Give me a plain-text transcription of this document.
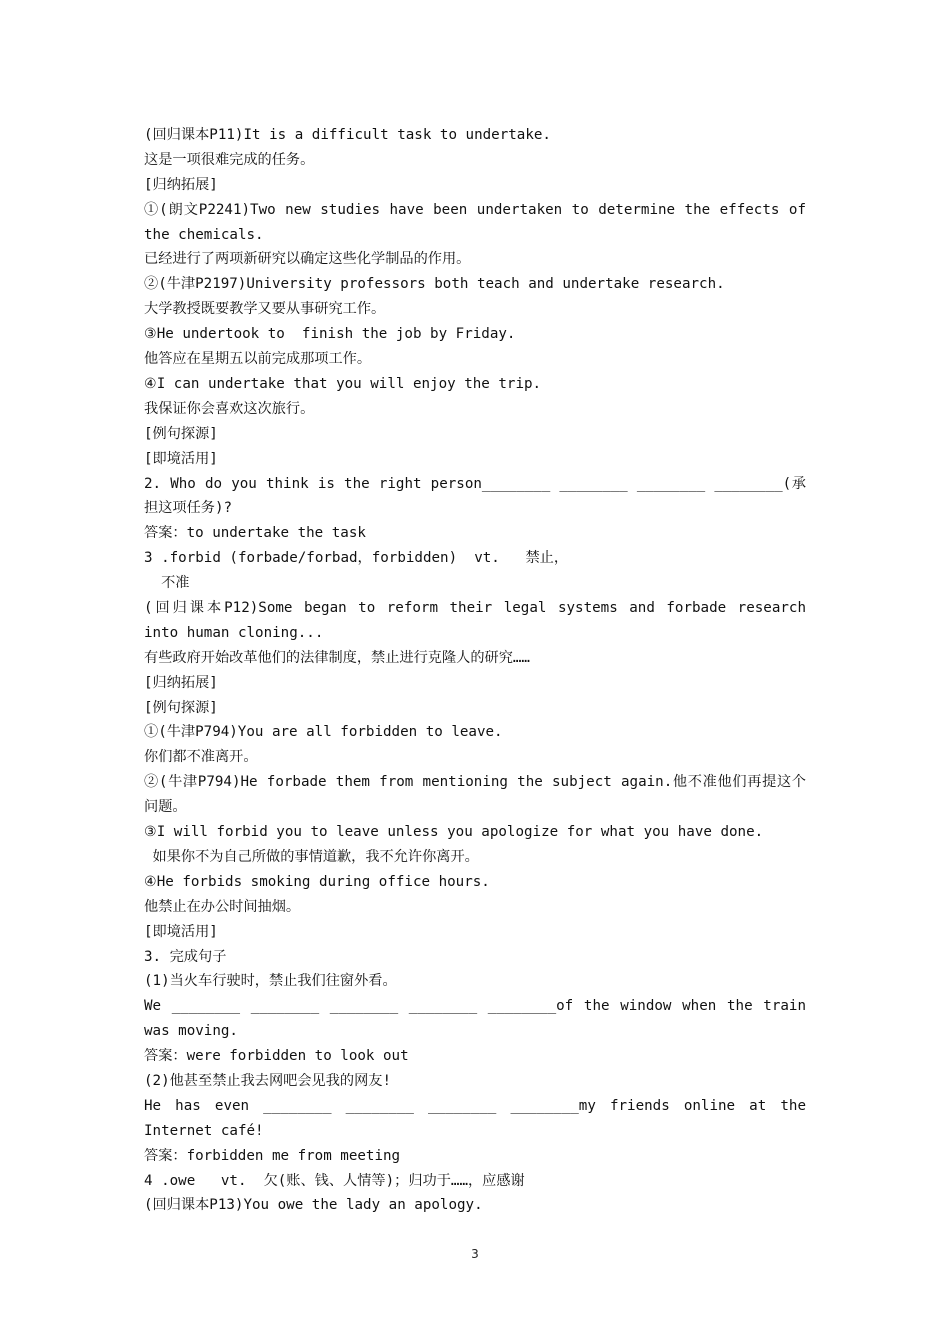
(回归课本P11)It is a difficult task to undertake.
这是一项很难完成的任务。
[归纳拓展]
①(朗文P2241)Two new studies have been undertaken to determine the effects of the chemicals.
已经进行了两项新研究以确定这些化学制品的作用。
②(牛津P2197)University professors both teach and undertake research.
大学教授既要教学又要从事研究工作。
③He undertook to  finish the job by Friday.
他答应在星期五以前完成那项工作。
④I can undertake that you will enjoy the trip.
我保证你会喜欢这次旅行。
[例句探源]
[即境活用]
2. Who do you think is the right person________ ________ ________ ________(承担这项任务)?
答案：to undertake the task
3 .forbid (forbade/forbad，forbidden)  vt.   禁止，
不准
(回归课本P12)Some began to reform their legal systems and forbade research into human cloning...
有些政府开始改革他们的法律制度，禁止进行克隆人的研究……
[归纳拓展]
[例句探源]
①(牛津P794)You are all forbidden to leave.
你们都不准离开。
②(牛津P794)He forbade them from mentioning the subject again.他不准他们再提这个问题。
③I will forbid you to leave unless you apologize for what you have done.
如果你不为自己所做的事情道歉，我不允许你离开。
④He forbids smoking during office hours.
他禁止在办公时间抽烟。
[即境活用]
3. 完成句子
(1)当火车行驶时，禁止我们往窗外看。
We ________ ________ ________ ________ ________of the window when the train was moving.
答案：were forbidden to look out
(2)他甚至禁止我去网吧会见我的网友!
He has even ________ ________ ________ ________my friends online at the Internet café!
答案：forbidden me from meeting
4 .owe   vt.  欠(账、钱、人情等)；归功于……，应感谢
(回归课本P13)You owe the lady an apology.
3
